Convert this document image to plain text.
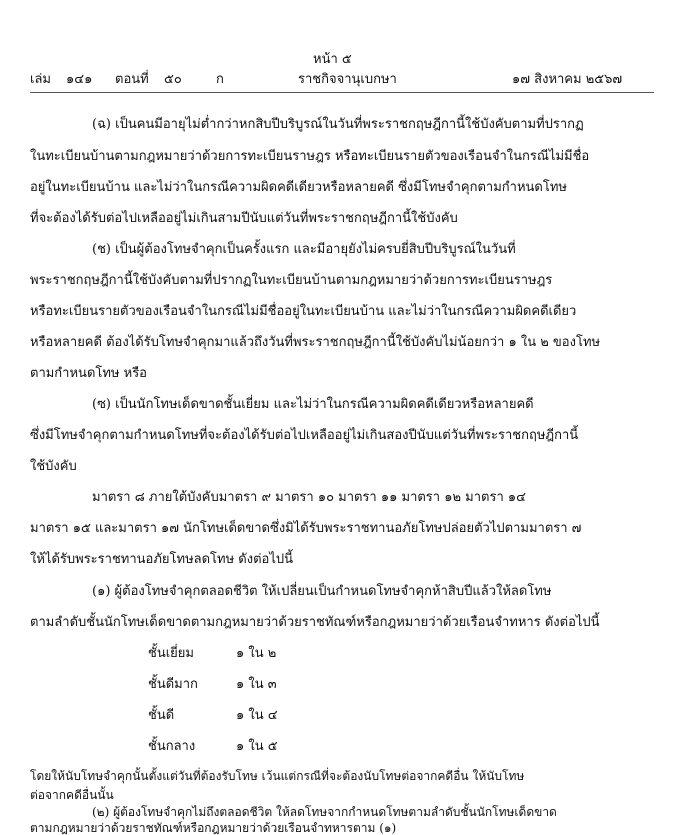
หน้า ๕
เล่ม ๑๔๑ ตอนที่ ๕๐	ก	ราชกิจจานุเบกษา	๑๗ สิงหาคม ๒๕๖๗
(ฉ) เป็นคนมีอายุไม่ต่ำกว่าหกสิบปีบริบูรณ์ในวันที่พระราชกฤษฎีกานี้ใช้บังคับตามที่ปรากฏ
ในทะเบียนบ้านตามกฎหมายว่าด้วยการทะเบียนราษฎร หรือทะเบียนรายตัวของเรือนจำในกรณีไม่มีชื่อ
อยู่ในทะเบียนบ้าน และไม่ว่าในกรณีความผิดคดีเดียวหรือหลายคดี ซึ่งมีโทษจำคุกตามกำหนดโทษ
ที่จะต้องได้รับต่อไปเหลืออยู่ไม่เกินสามปีนับแต่วันที่พระราชกฤษฎีกานี้ใช้บังคับ
(ช) เป็นผู้ต้องโทษจำคุกเป็นครั้งแรก และมีอายุยังไม่ครบยี่สิบปีบริบูรณ์ในวันที่
พระราชกฤษฎีกานี้ใช้บังคับตามที่ปรากฏในทะเบียนบ้านตามกฎหมายว่าด้วยการทะเบียนราษฎร
หรือทะเบียนรายตัวของเรือนจำในกรณีไม่มีชื่ออยู่ในทะเบียนบ้าน และไม่ว่าในกรณีความผิดคดีเดียว
หรือหลายคดี ต้องได้รับโทษจำคุกมาแล้วถึงวันที่พระราชกฤษฎีกานี้ใช้บังคับไม่น้อยกว่า ๑ ใน ๒ ของโทษ
ตามกำหนดโทษ หรือ
(ซ) เป็นนักโทษเด็ดขาดชั้นเยี่ยม และไม่ว่าในกรณีความผิดคดีเดียวหรือหลายคดี
ซึ่งมีโทษจำคุกตามกำหนดโทษที่จะต้องได้รับต่อไปเหลืออยู่ไม่เกินสองปีนับแต่วันที่พระราชกฤษฎีกานี้
ใช้บังคับ
มาตรา ๘ ภายใต้บังคับมาตรา ๙ มาตรา ๑๐ มาตรา ๑๑ มาตรา ๑๒ มาตรา ๑๔
มาตรา ๑๕ และมาตรา ๑๗ นักโทษเด็ดขาดซึ่งมิได้รับพระราชทานอภัยโทษปล่อยตัวไปตามมาตรา ๗
ให้ได้รับพระราชทานอภัยโทษลดโทษ ดังต่อไปนี้
(๑) ผู้ต้องโทษจำคุกตลอดชีวิต ให้เปลี่ยนเป็นกำหนดโทษจำคุกห้าสิบปีแล้วให้ลดโทษ
ตามลำดับชั้นนักโทษเด็ดขาดตามกฎหมายว่าด้วยราชทัณฑ์หรือกฎหมายว่าด้วยเรือนจำทหาร ดังต่อไปนี้
ชั้นเยี่ยม	๑ ใน ๒
ชั้นดีมาก	๑ ใน ๓
ชั้นดี	๑ ใน ๔
ชั้นกลาง	๑ ใน ๕
โดยให้นับโทษจำคุกนั้นตั้งแต่วันที่ต้องรับโทษ เว้นแต่กรณีที่จะต้องนับโทษต่อจากคดีอื่น ให้นับโทษ
ต่อจากคดีอื่นนั้น
(๒) ผู้ต้องโทษจำคุกไม่ถึงตลอดชีวิต ให้ลดโทษจากกำหนดโทษตามลำดับชั้นนักโทษเด็ดขาด
ตามกฎหมายว่าด้วยราชทัณฑ์หรือกฎหมายว่าด้วยเรือนจำทหารตาม (๑)
